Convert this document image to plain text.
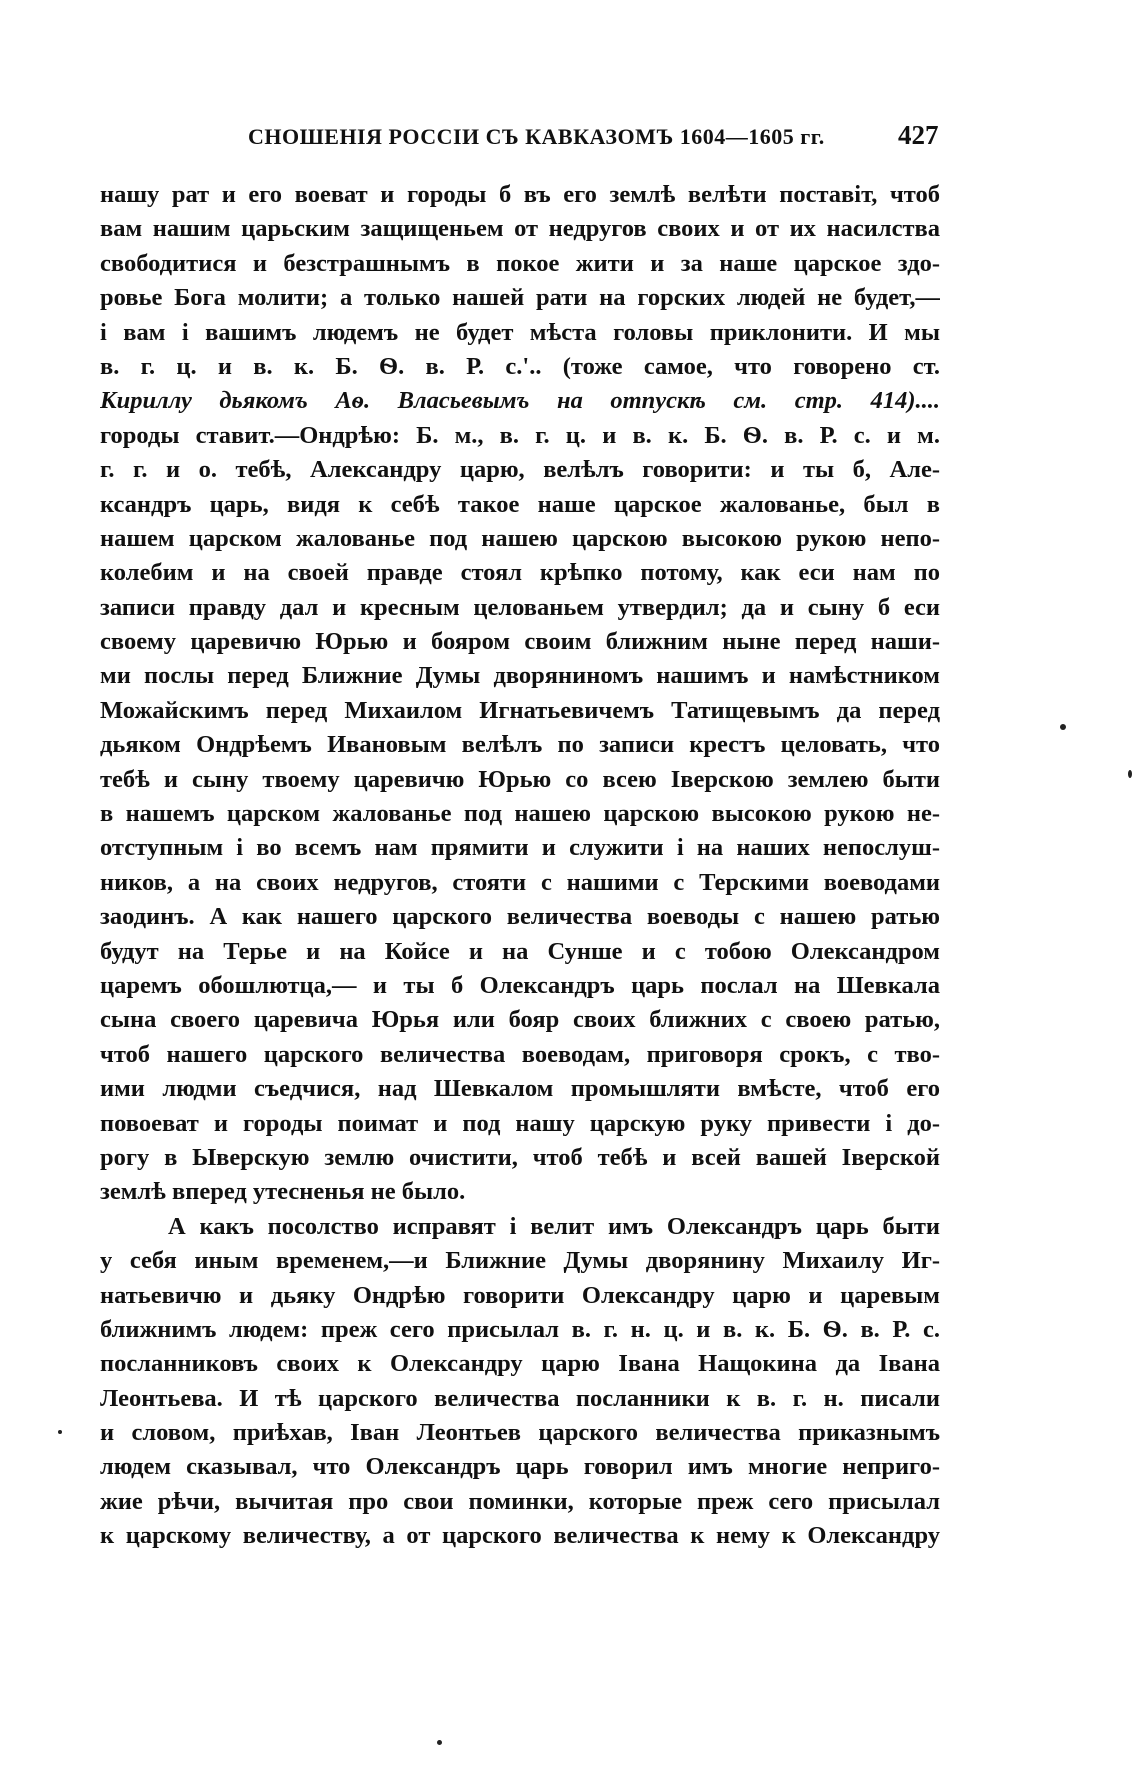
СНОШЕНІЯ РОССІИ СЪ КАВКАЗОМЪ 1604—1605 гг.	427
нашу рат и его воеват и городы б въ его землѣ велѣти поставіт, чтоб
вам нашим царьским защищеньем от недругов своих и от их насилства
свободитися и безстрашнымъ в покое жити и за наше царское здо-
ровье Бога молити; а только нашей рати на горских людей не будет,—
і вам і вашимъ людемъ не будет мѣста головы приклонити. И мы
в. г. ц. и в. к. Б. Ѳ. в. Р. с.'.. (тоже самое, что говорено ст.
Кириллу дьякомъ Аѳ. Власьевымъ на отпускѣ см. стр. 414)....
городы ставит.—Ондрѣю: Б. м., в. г. ц. и в. к. Б. Ѳ. в. Р. с. и м.
г. г. и о. тебѣ, Александру царю, велѣлъ говорити: и ты б, Але-
ксандръ царь, видя к себѣ такое наше царское жалованье, был в
нашем царском жалованье под нашею царскою высокою рукою непо-
колебим и на своей правде стоял крѣпко потому, как еси нам по
записи правду дал и кресным целованьем утвердил; да и сыну б еси
своему царевичю Юрью и бояром своим ближним ныне перед наши-
ми послы перед Ближние Думы дворяниномъ нашимъ и намѣстником
Можайскимъ перед Михаилом Игнатьевичемъ Татищевымъ да перед
дьяком Ондрѣемъ Ивановым велѣлъ по записи крестъ целовать, что
тебѣ и сыну твоему царевичю Юрью со всею Іверскою землею быти
в нашемъ царском жалованье под нашею царскою высокою рукою не-
отступным і во всемъ нам прямити и служити і на наших непослуш-
ников, а на своих недругов, стояти с нашими с Терскими воеводами
заодинъ. А как нашего царского величества воеводы с нашею ратью
будут на Терье и на Койсе и на Сунше и с тобою Олександром
царемъ обошлютца,— и ты б Олександръ царь послал на Шевкала
сына своего царевича Юрья или бояр своих ближних с своею ратью,
чтоб нашего царского величества воеводам, приговоря срокъ, с тво-
ими людми съедчися, над Шевкалом промышляти вмѣсте, чтоб его
повоеват и городы поимат и под нашу царскую руку привести і до-
рогу в Ыверскую землю очистити, чтоб тебѣ и всей вашей Іверской
землѣ вперед утесненья не было.
А какъ посолство исправят і велит имъ Олександръ царь быти
у себя иным временем,—и Ближние Думы дворянину Михаилу Иг-
натьевичю и дьяку Ондрѣю говорити Олександру царю и царевым
ближнимъ людем: преж сего присылал в. г. н. ц. и в. к. Б. Ѳ. в. Р. с.
посланниковъ своих к Олександру царю Івана Нащокина да Івана
Леонтьева. И тѣ царского величества посланники к в. г. н. писали
и словом, приѣхав, Іван Леонтьев царского величества приказнымъ
людем сказывал, что Олександръ царь говорил имъ многие неприго-
жие рѣчи, вычитая про свои поминки, которые преж сего присылал
к царскому величеству, а от царского величества к нему к Олександру
